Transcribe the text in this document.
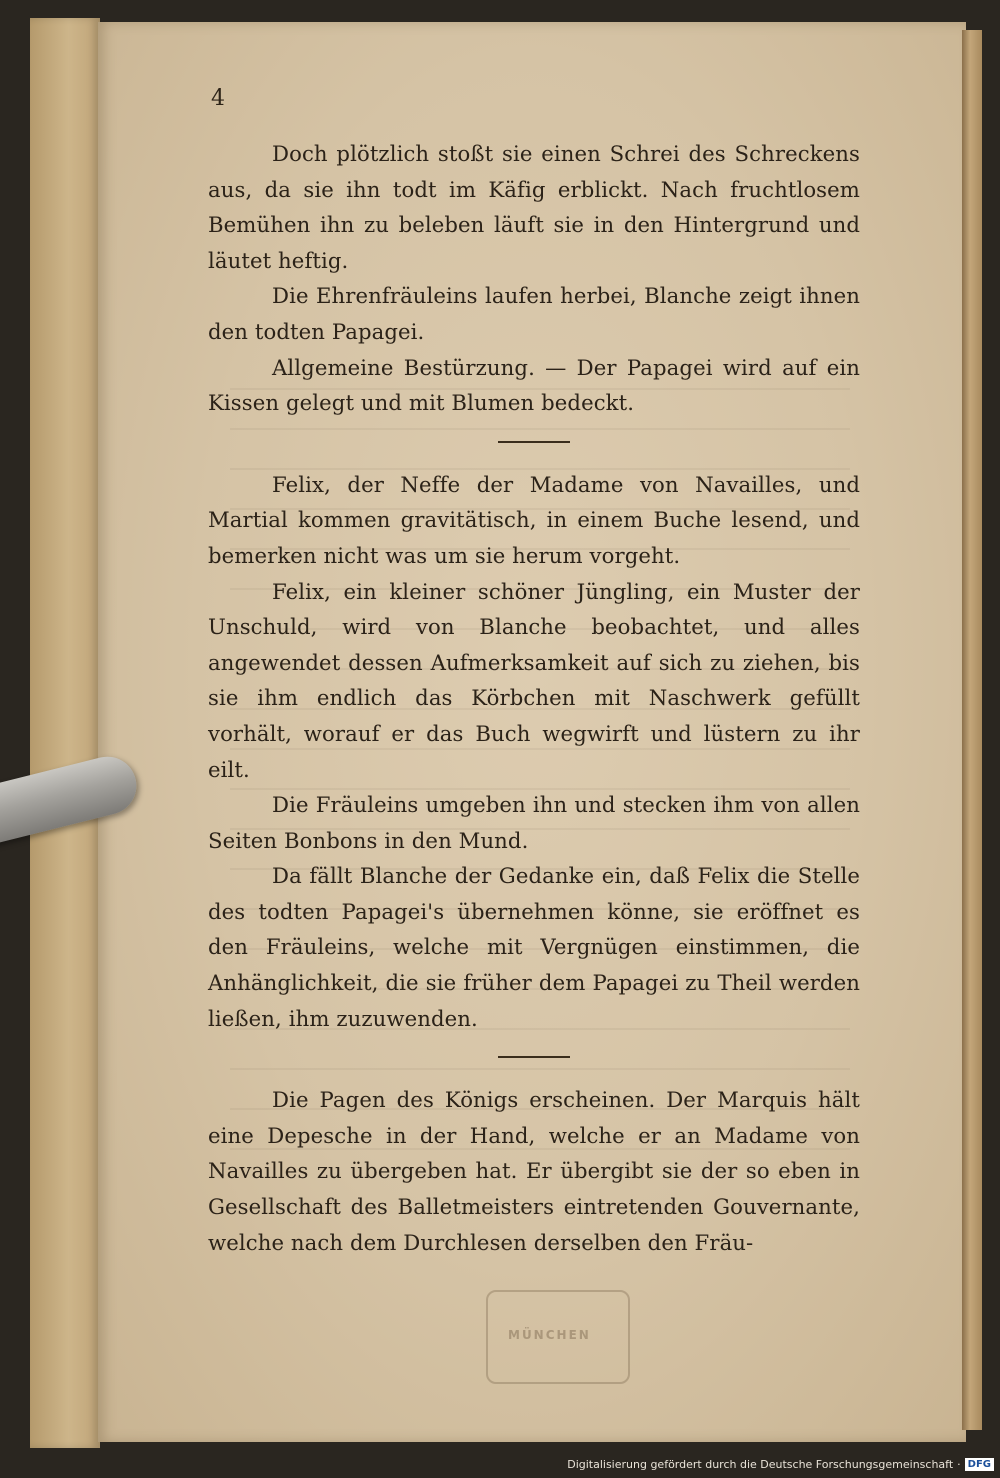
MÜNCHEN
4

Doch plötzlich stoßt sie einen Schrei des Schreckens aus, da sie ihn todt im Käfig erblickt. Nach fruchtlosem Bemühen ihn zu beleben läuft sie in den Hintergrund und läutet heftig.

Die Ehrenfräuleins laufen herbei, Blanche zeigt ihnen den todten Papagei.

Allgemeine Bestürzung. — Der Papagei wird auf ein Kissen gelegt und mit Blumen bedeckt.

Felix, der Neffe der Madame von Navailles, und Martial kommen gravitätisch, in einem Buche lesend, und bemerken nicht was um sie herum vorgeht.

Felix, ein kleiner schöner Jüngling, ein Muster der Unschuld, wird von Blanche beobachtet, und alles angewendet dessen Aufmerksamkeit auf sich zu ziehen, bis sie ihm endlich das Körbchen mit Naschwerk gefüllt vorhält, worauf er das Buch wegwirft und lüstern zu ihr eilt.

Die Fräuleins umgeben ihn und stecken ihm von allen Seiten Bonbons in den Mund.

Da fällt Blanche der Gedanke ein, daß Felix die Stelle des todten Papagei's übernehmen könne, sie eröffnet es den Fräuleins, welche mit Vergnügen einstimmen, die Anhänglichkeit, die sie früher dem Papagei zu Theil werden ließen, ihm zuzuwenden.

Die Pagen des Königs erscheinen. Der Marquis hält eine Depesche in der Hand, welche er an Madame von Navailles zu übergeben hat. Er übergibt sie der so eben in Gesellschaft des Balletmeisters eintretenden Gouvernante, welche nach dem Durchlesen derselben den Fräu-

Digitalisierung gefördert durch die Deutsche Forschungsgemeinschaft · DFG
